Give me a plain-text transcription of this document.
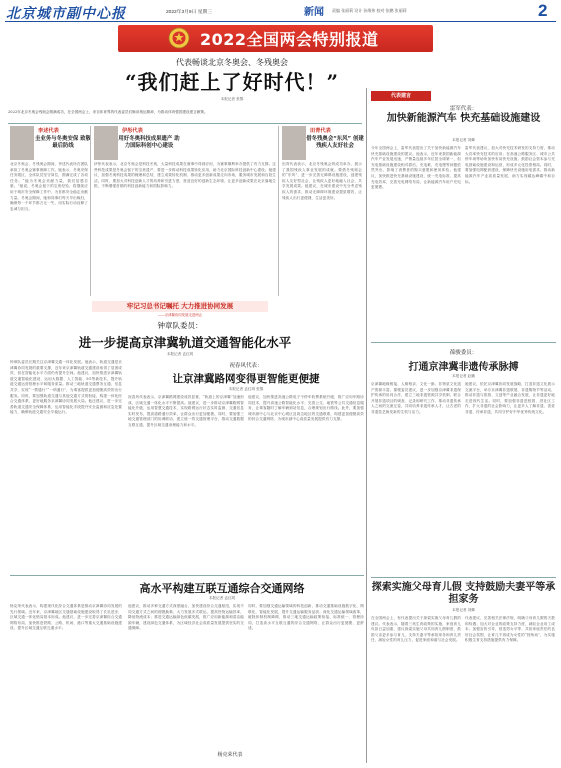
北京城市副中心报	2022年3月9日 星期三	新闻 责编 张丽莉 设计 孙维伟 校对 张鹏 张丽莉	2
2022全国两会特别报道
代表畅谈北京冬奥会、冬残奥会
“我们赶上了好时代！”
本报记者 张黎
2022年北京冬奥会残奥会圆满成功，在全国两会上，来自体育界的代表委员们畅谈奥运精神，为推动体育强国建设建言献策。
李述代表
圭业务与冬奥安保 致敬最后防线
北京冬奥会、冬残奥会期间，李述代表所在团队承担了冬奥会赛事保障工作。她表示，冬奥安保任务艰巨，全体队员坚守岗位，圆满完成了各项任务。“能为冬奥会贡献力量，我们倍感自豪。”她说，冬奥会留下的宝贵经验，将继续应用于城市安全保障工作中，为首都安全稳定贡献力量。冬奥会期间，她和同事们每天早出晚归，确保每一个环节都万无一失，用实际行动诠释了忠诚与担当。
伊彤代表
用好冬奥科技成果遗产 助力国际科创中心建设
伊彤代表表示，北京冬奥会是科技冬奥，大量科技成果在赛事中得到应用，为赛事顺利举办提供了有力支撑。这些科技成果是冬奥会留下的宝贵遗产，要进一步推动科技成果转化应用，助力北京国际科技创新中心建设。她建议，加强冬奥科技成果的梳理和总结，建立成果转化机制，推动更多创新成果走向市场，服务城市发展和百姓生活。同时，要加大对科技创新人才的培养和引进力度，营造良好的创新生态环境，让更多创新成果在北京落地生根，不断增强首都的科技创新能力和国际影响力。
田青代表
借冬残奥会“东风” 创建残疾人友好社会
田青代表表示，北京冬残奥会的成功举办，展示了我国残疾人事业发展的成就。要借冬残奥会的“东风”，进一步完善无障碍设施建设，创建残疾人友好型社会，让残疾人更好地融入社会，共享发展成果。她建议，在城市建设中充分考虑残疾人的需求，推动无障碍环境建设提质增效，让残疾人出行更便捷、生活更美好。
代表建言
雷军代表：
加快新能源汽车 快充基础设施建设
本报记者 刘卿
今年全国两会上，雷军代表提出了关于加快新能源汽车快充基础设施建设的建议。他表示，近年来我国新能源汽车产业发展迅速，产销量连续多年位居全球第一，但充电基础设施建设相对滞后，充电难、充电慢等问题依然突出，影响了消费者的购买意愿和使用体验。他建议，加快推进快充基础设施建设，统一充电标准，提高充电效率，完善充电网络布局，让新能源汽车用户充电更便捷。
雷军代表建议，加大对快充技术研发的支持力度，推动大功率快充技术的应用；在高速公路服务区、城市公共停车场等场所加快布局快充设施；鼓励社会资本参与充电基础设施建设和运营，形成多元化投资格局。同时，要加强电网配套建设，保障快充设施用电需求，推动新能源汽车产业高质量发展，助力实现碳达峰碳中和目标。
葆骏委员：
打通京津冀非遗传承脉搏
本报记者 赵鹏
京津冀地缘相接、人缘相亲、文化一脉，非物质文化遗产资源丰富。葆骏委员建议，进一步加强京津冀非遗保护传承的协同合作，建立三地非遗资源共享机制，联合开展非遗项目的调查、记录和研究工作，推动非遗传承人之间的交流互鉴，共同培养非遗传承人才，让古老的非遗技艺焕发新的生机与活力。
她建议，依托京津冀协同发展战略，打造非遗文化展示交流平台，举办京津冀非遗联展、非遗购物节等活动，推动非遗与旅游、文创等产业融合发展，让非遗更好地走进现代生活。同时，要加强非遗进校园、进社区工作，扩大非遗的社会影响力，让更多人了解非遗、喜爱非遗、传承非遗，共同守护好中华优秀传统文化。
探索实施父母育儿假 支持鼓励夫妻平等承担家务
本报记者 刘卿
在全国两会上，有代表提出关于探索实施父母育儿假的建议。代表表示，随着三孩生育政策的实施，家庭育儿负担日益加重，建议探索实施父母共同育儿假制度，鼓励父亲更多参与育儿，支持夫妻平等承担家务和育儿责任，减轻女性的育儿压力，促进家庭和谐与社会发展。
代表建议，完善相关法律法规，明确父母育儿假的天数和待遇；加大对企业的政策支持力度，减轻企业用工成本；加强宣传引导，营造男女平等、共担家庭责任的良好社会氛围，让育儿不再成为女性的“独角戏”，为实施积极生育支持措施提供有力保障。
牢记习总书记嘱托 大力推进协同发展
——京津冀协同发展走进两会
钟章队委员：
进一步提高京津冀轨道交通智能化水平
本报记者 孟红玥
钟章队委员长期关注京津冀交通一体化发展。他表示，轨道交通是京津冀协同发展的重要支撑，近年来京津冀轨道交通建设取得了显著成效，但在智能化水平方面仍有提升空间。他建议，加快推进京津冀轨道交通智能化建设，运用大数据、人工智能、5G等新技术，提升轨道交通运营管理水平和服务质量。推动三地轨道交通票务互通、信息共享，实现“一票通行”“一码通行”，为乘客提供更加便捷高效的出行服务。同时，要加强轨道交通与其他交通方式的衔接，构建一体化综合交通体系，更好地服务京津冀协同发展大局。他还建议，进一步完善轨道交通安全保障体系，运用智能化手段提升安全监测和应急处置能力，确保轨道交通安全平稳运行。
祝春风代表：
让京津冀路网变得更智能更便捷
本报记者 孟红玥 张黎
祝春风代表表示，京津冀路网建设成效显著，“轨道上的京津冀”加速形成，区域交通一体化水平不断提高。他建议，进一步推动京津冀路网智能化升级，运用智慧交通技术，实现路网运行状态实时监测、交通信息实时发布，提高道路通行效率，让群众出行更加便捷。同时，要加强三地交通管理部门的协调联动，建立统一的交通管理平台，推动交通数据互联互通，提升区域交通治理能力和水平。
他建议，加快推进高速公路电子不停车收费系统升级，推广应用车路协同技术，提升高速公路智能化水平；完善公交、地铁等公共交通信息服务，让乘客随时了解车辆到站信息，合理规划出行路线。此外，要加强城市副中心与北京中心城区及周边地区的交通联系，构建更加便捷高效的综合交通网络，为城市副中心高质量发展提供有力支撑。
高水平构建互联互通综合交通网络
本报记者 孟红玥
杨克荣代表表示，构建现代化综合交通体系是推动京津冀协同发展的先行领域。近年来，京津冀地区交通基础设施建设取得了长足进步，区域交通一体化格局基本形成。他建议，进一步完善京津冀综合交通网络布局，加快推进铁路、公路、机场、港口等重大交通基础设施建设，提升区域交通互联互通水平。
他建议，推动多种交通方式深度融合，加快建设综合交通枢纽，实现不同交通方式之间的便捷换乘；大力发展多式联运，提高货物运输效率，降低物流成本；推进交通运输绿色低碳发展，推广应用新能源和清洁能源车辆，建设绿色交通体系，为区域经济社会高质量发展提供坚实的交通保障。
同时，要加强交通运输领域的科技创新，推动交通基础设施数字化、网联化、智能化发展，提升交通运输服务品质；深化交通运输领域改革，破除体制机制障碍，推动三地交通运输政策衔接、标准统一、管理协同，打造高水平互联互通的综合交通网络，让群众出行更便捷、更舒适。
杨克荣代表
